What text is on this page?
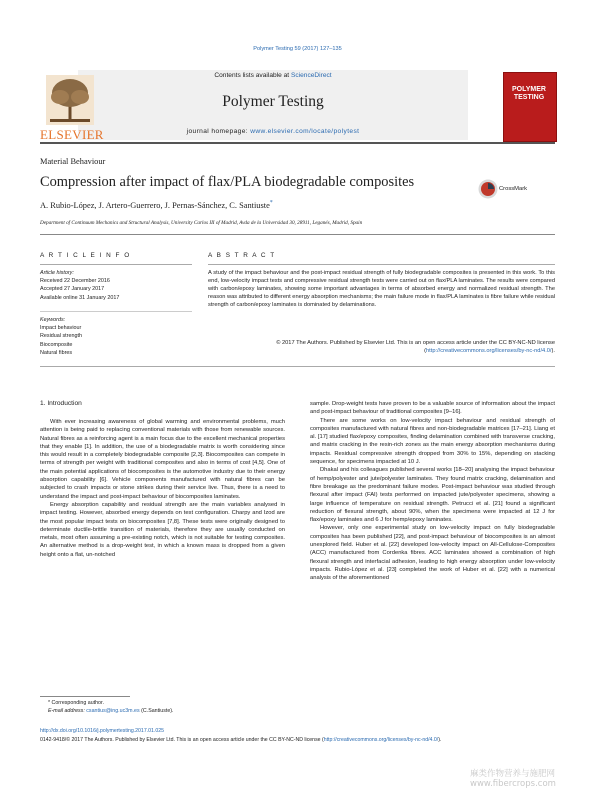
Polymer Testing 59 (2017) 127–135
Contents lists available at ScienceDirect
Polymer Testing
journal homepage: www.elsevier.com/locate/polytest
ELSEVIER
POLYMER
TESTING
Material Behaviour
Compression after impact of flax/PLA biodegradable composites	CrossMark
A. Rubio-López, J. Artero-Guerrero, J. Pernas-Sánchez, C. Santiuste*
Department of Continuum Mechanics and Structural Analysis, University Carlos III of Madrid, Avda de la Universidad 30, 28911, Leganés, Madrid, Spain
A R T I C L E I N F O	A B S T R A C T
Article history:
Received 22 December 2016
Accepted 27 January 2017
Available online 31 January 2017
Keywords:
Impact behaviour
Residual strength
Biocomposite
Natural fibres
A study of the impact behaviour and the post-impact residual strength of fully biodegradable composites is presented in this work. To this end, low-velocity impact tests and compressive residual strength tests were carried out on flax/PLA laminates. The results were compared with carbon/epoxy laminates, showing some important advantages in terms of absorbed energy and normalized residual strength. The reason was attributed to different energy absorption mechanisms; the main failure mode in flax/PLA laminates is fibre failure while residual strength of carbon/epoxy laminates is dominated by delaminations.
© 2017 The Authors. Published by Elsevier Ltd. This is an open access article under the CC BY-NC-ND license (http://creativecommons.org/licenses/by-nc-nd/4.0/).
1. Introduction

With ever increasing awareness of global warming and environmental problems, much attention is being paid to replacing conventional materials with those from renewable sources. Natural fibres as a reinforcing agent is a main focus due to the excellent mechanical properties that they enable [1]. In addition, the use of a biodegradable matrix is worth considering since this would result in a completely biodegradable composite [2,3]. Biocomposites can compete in terms of strength per weight with traditional composites and also in terms of cost [4,5]. One of the main potential applications of biocomposites is the automotive industry due to their energy absorption capability [6]. Vehicle components manufactured with natural fibres can be subjected to crash impacts or stone strikes during their service live. Thus, there is a need to understand the impact and post-impact behaviour of biocomposites laminates.

Energy absorption capability and residual strength are the main variables analysed in impact testing. However, absorbed energy depends on test configuration. Charpy and Izod are the most popular impact tests on biocomposites [7,8]. These tests were originally designed to determinate ductile-brittle transition of materials, therefore they are usually conducted on metals, most often assuming a pre-existing notch, which is not suitable for testing composites. An alternative method is a drop-weight test, in which a known mass is dropped from a given height onto a flat, un-notched

sample. Drop-weight tests have proven to be a valuable source of information about the impact and post-impact behaviour of traditional composites [9–16].

There are some works on low-velocity impact behaviour and residual strength of composites manufactured with natural fibres and non-biodegradable matrices [17–21]. Liang et al. [17] studied flax/epoxy composites, finding delamination combined with transverse cracking, and matrix cracking in the resin-rich zones as the main energy absorption mechanisms during impacts. Residual compressive strength dropped from 30% to 15%, depending on stacking sequence, for specimens impacted at 10 J.

Dhakal and his colleagues published several works [18–20] analysing the impact behaviour of hemp/polyester and jute/polyester laminates. They found matrix cracking, delamination and fibre breakage as the predominant failure modes. Post-impact behaviour was studied through flexural after impact (FAI) tests performed on impacted jute/polyester specimens, showing a large influence of temperature on residual strength. Petrucci et al. [21] found a significant reduction of flexural strength, about 90%, when the specimens were impacted at 12 J for flax/epoxy laminates and 6 J for hemp/epoxy laminates.

However, only one experimental study on low-velocity impact on fully biodegradable composites has been published [22], and post-impact behaviour of biocomposites is an almost unexplored field. Huber et al. [22] developed low-velocity impact on All-Cellulose-Composites (ACC) manufactured from Cordenka fibres. ACC laminates showed a combination of high flexural strength and interfacial adhesion, leading to high energy absorption under low-velocity impacts. Rubio-López et al. [23] completed the work of Huber et al. [22] with a numerical analysis of the aforementioned

* Corresponding author.
E-mail address: csantius@ing.uc3m.es (C.Santiuste).
http://dx.doi.org/10.1016/j.polymertesting.2017.01.025
0142-9418/© 2017 The Authors. Published by Elsevier Ltd. This is an open access article under the CC BY-NC-ND license (http://creativecommons.org/licenses/by-nc-nd/4.0/).
麻类作物营养与施肥网 www.fibercrops.com
